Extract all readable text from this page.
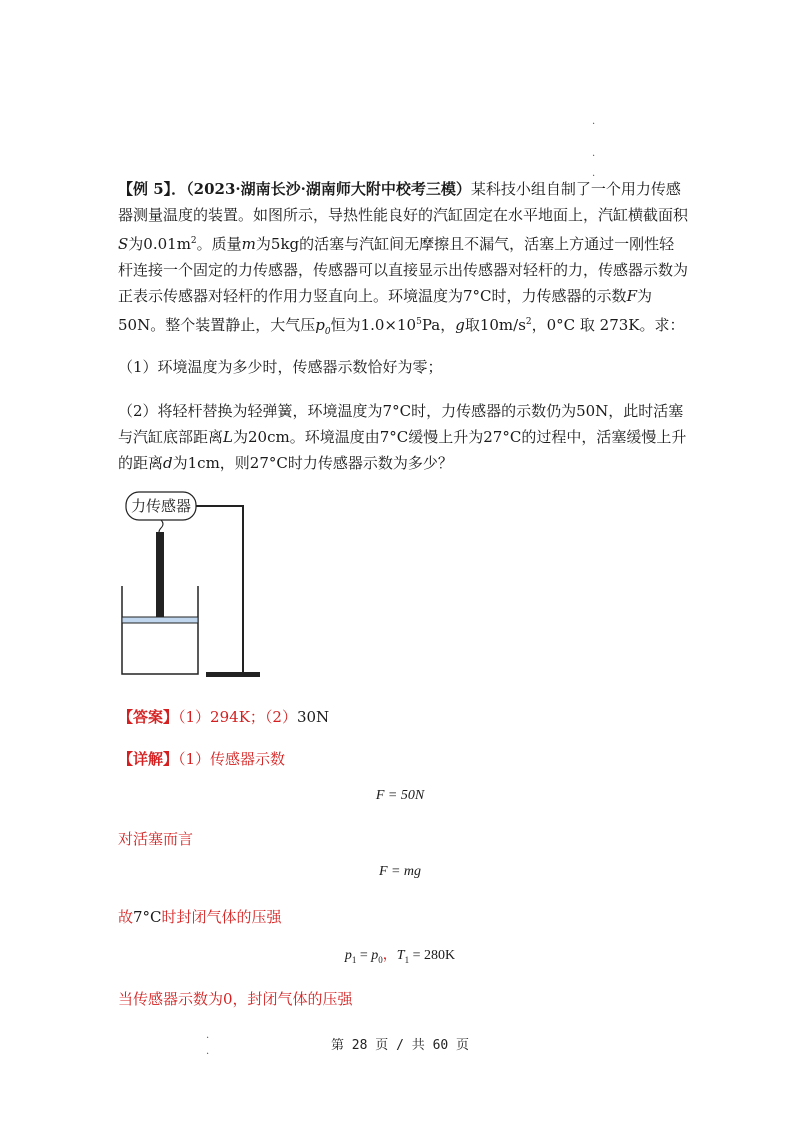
.
.
.
【例 5】．（2023·湖南长沙·湖南师大附中校考三模）某科技小组自制了一个用力传感器测量温度的装置。如图所示，导热性能良好的汽缸固定在水平地面上，汽缸横截面积S为$0.01m^2$。质量m为5kg的活塞与汽缸间无摩擦且不漏气，活塞上方通过一刚性轻杆连接一个固定的力传感器，传感器可以直接显示出传感器对轻杆的力，传感器示数为正表示传感器对轻杆的作用力竖直向上。环境温度为7°C时，力传感器的示数F为50N。整个装置静止，大气压$p_0$恒为$1.0\times 10^5Pa$，g取$10m/s^2$，0°C 取 273K。求：
（1）环境温度为多少时，传感器示数恰好为零；
（2）将轻杆替换为轻弹簧，环境温度为7°C时，力传感器的示数仍为50N，此时活塞与汽缸底部距离L为20cm。环境温度由7°C缓慢上升为27°C的过程中，活塞缓慢上升的距离d为1cm，则27°C时力传感器示数为多少？
力传感器
【答案】（1）294K；（2）30N
【详解】（1）传感器示数
F = 50N
对活塞而言
F = mg
故7°C时封闭气体的压强
$p_1 = p_0$，$T_1 = 280K$
当传感器示数为0，封闭气体的压强
.
.	第 28 页 / 共 60 页
